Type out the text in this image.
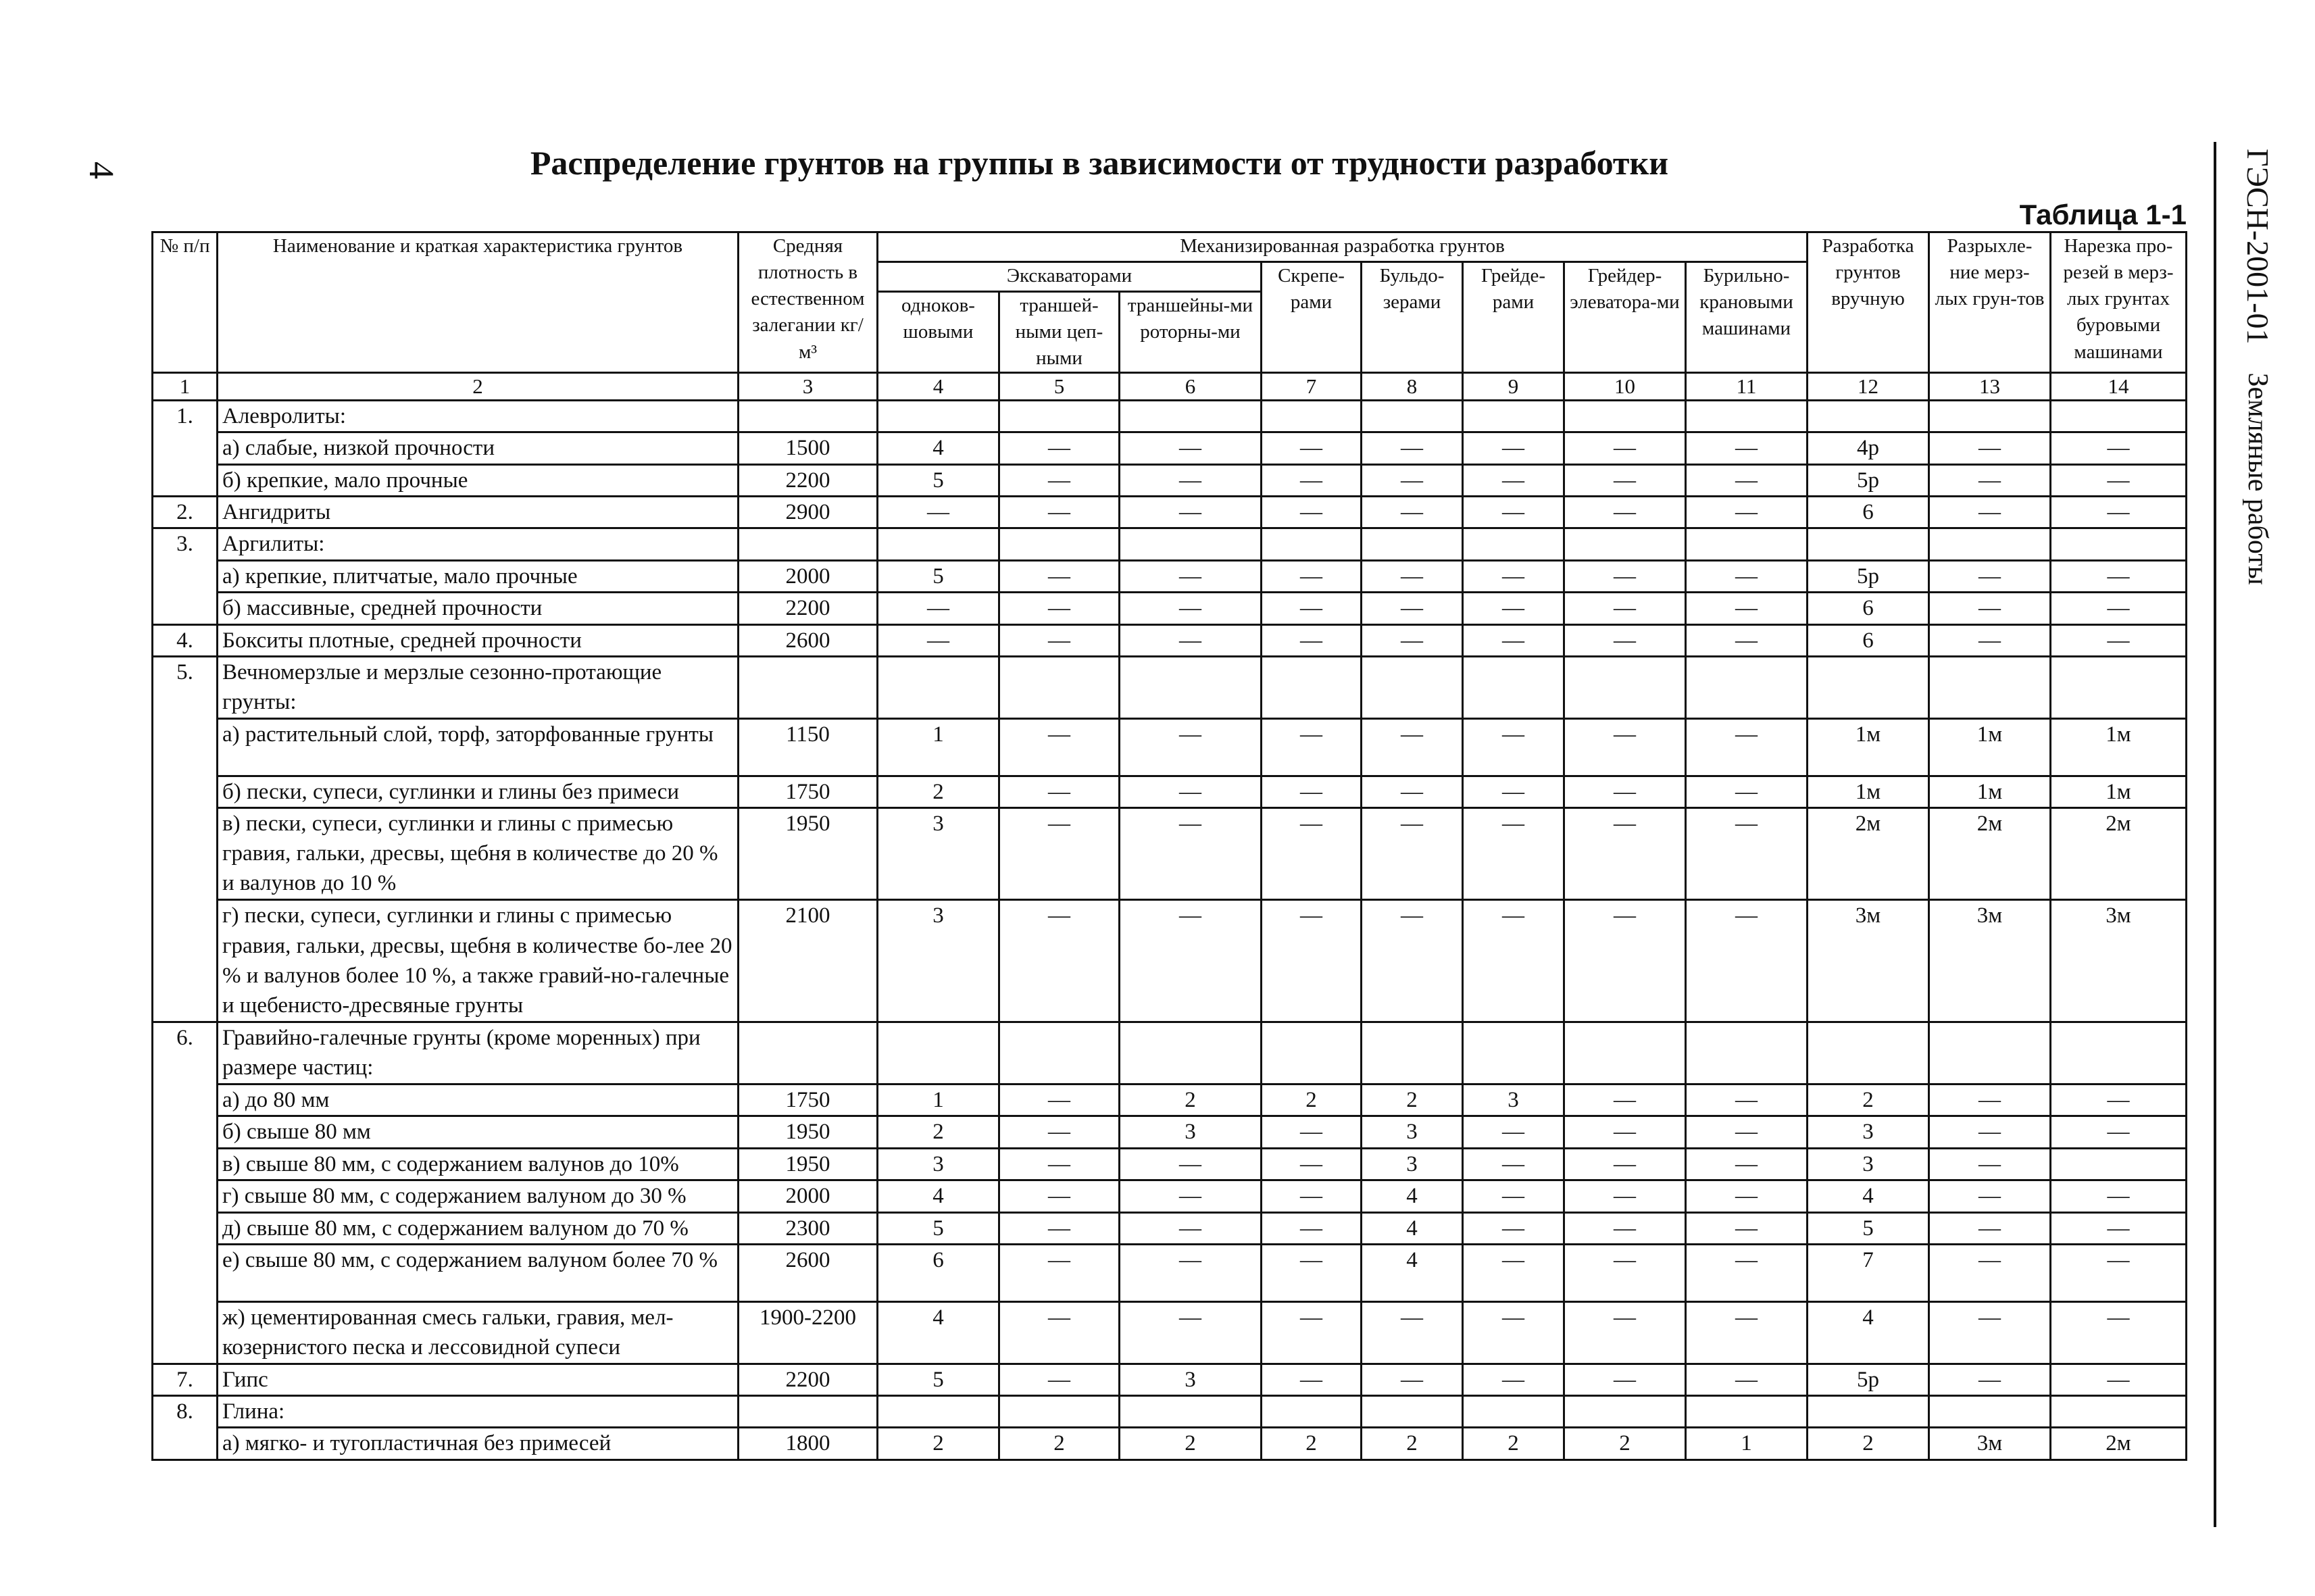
4	Распределение грунтов на группы в зависимости от трудности разработки
Таблица 1-1	ГЭСН-2001-01    Земляные работы
№ п/п	Наименование и краткая характеристика грунтов	Средняя плотность в естественном залегании кг/м³	Механизированная разработка грунтов								Разработка грунтов вручную	Разрыхле-ние мерз-лых грун-тов	Нарезка про-резей в мерз-лых грунтах буровыми машинами
			Экскаваторами			Скрепе-рами	Бульдо-зерами	Грейде-рами	Грейдер-элеватора-ми	Бурильно-крановыми машинами			
			одноков-шовыми	траншей-ными цеп-ными	траншейны-ми роторны-ми								
1	2	3	4	5	6	7	8	9	10	11	12	13	14
1.	Алевролиты:												
	а) слабые, низкой прочности	1500	4	—	—	—	—	—	—	—	4р	—	—
	б) крепкие, мало прочные	2200	5	—	—	—	—	—	—	—	5р	—	—
2.	Ангидриты	2900	—	—	—	—	—	—	—	—	6	—	—
3.	Аргилиты:												
	а) крепкие, плитчатые, мало прочные	2000	5	—	—	—	—	—	—	—	5р	—	—
	б) массивные, средней прочности	2200	—	—	—	—	—	—	—	—	6	—	—
4.	Бокситы плотные, средней прочности	2600	—	—	—	—	—	—	—	—	6	—	—
5.	Вечномерзлые и мерзлые сезонно-протающие грунты:												
	а) растительный слой, торф, заторфованные грунты	1150	1	—	—	—	—	—	—	—	1м	1м	1м
	б) пески, супеси, суглинки и глины без примеси	1750	2	—	—	—	—	—	—	—	1м	1м	1м
	в) пески, супеси, суглинки и глины с примесью гравия, гальки, дресвы, щебня в количестве до 20 % и валунов до 10 %	1950	3	—	—	—	—	—	—	—	2м	2м	2м
	г) пески, супеси, суглинки и глины с примесью гравия, гальки, дресвы, щебня в количестве бо-лее 20 % и валунов более 10 %, а также гравий-но-галечные и щебенисто-дресвяные грунты	2100	3	—	—	—	—	—	—	—	3м	3м	3м
6.	Гравийно-галечные грунты (кроме моренных) при размере частиц:												
	а) до 80 мм	1750	1	—	2	2	2	3	—	—	2	—	—
	б) свыше 80 мм	1950	2	—	3	—	3	—	—	—	3	—	—
	в) свыше 80 мм, с содержанием валунов до 10%	1950	3	—	—	—	3	—	—	—	3	—	
	г) свыше 80 мм, с содержанием валуном до 30 %	2000	4	—	—	—	4	—	—	—	4	—	—
	д) свыше 80 мм, с содержанием валуном до 70 %	2300	5	—	—	—	4	—	—	—	5	—	—
	е) свыше 80 мм, с содержанием валуном более 70 %	2600	6	—	—	—	4	—	—	—	7	—	—
	ж) цементированная смесь гальки, гравия, мел-козернистого песка и лессовидной супеси	1900-2200	4	—	—	—	—	—	—	—	4	—	—
7.	Гипс	2200	5	—	3	—	—	—	—	—	5р	—	—
8.	Глина:												
	а) мягко- и тугопластичная без примесей	1800	2	2	2	2	2	2	2	1	2	3м	2м
